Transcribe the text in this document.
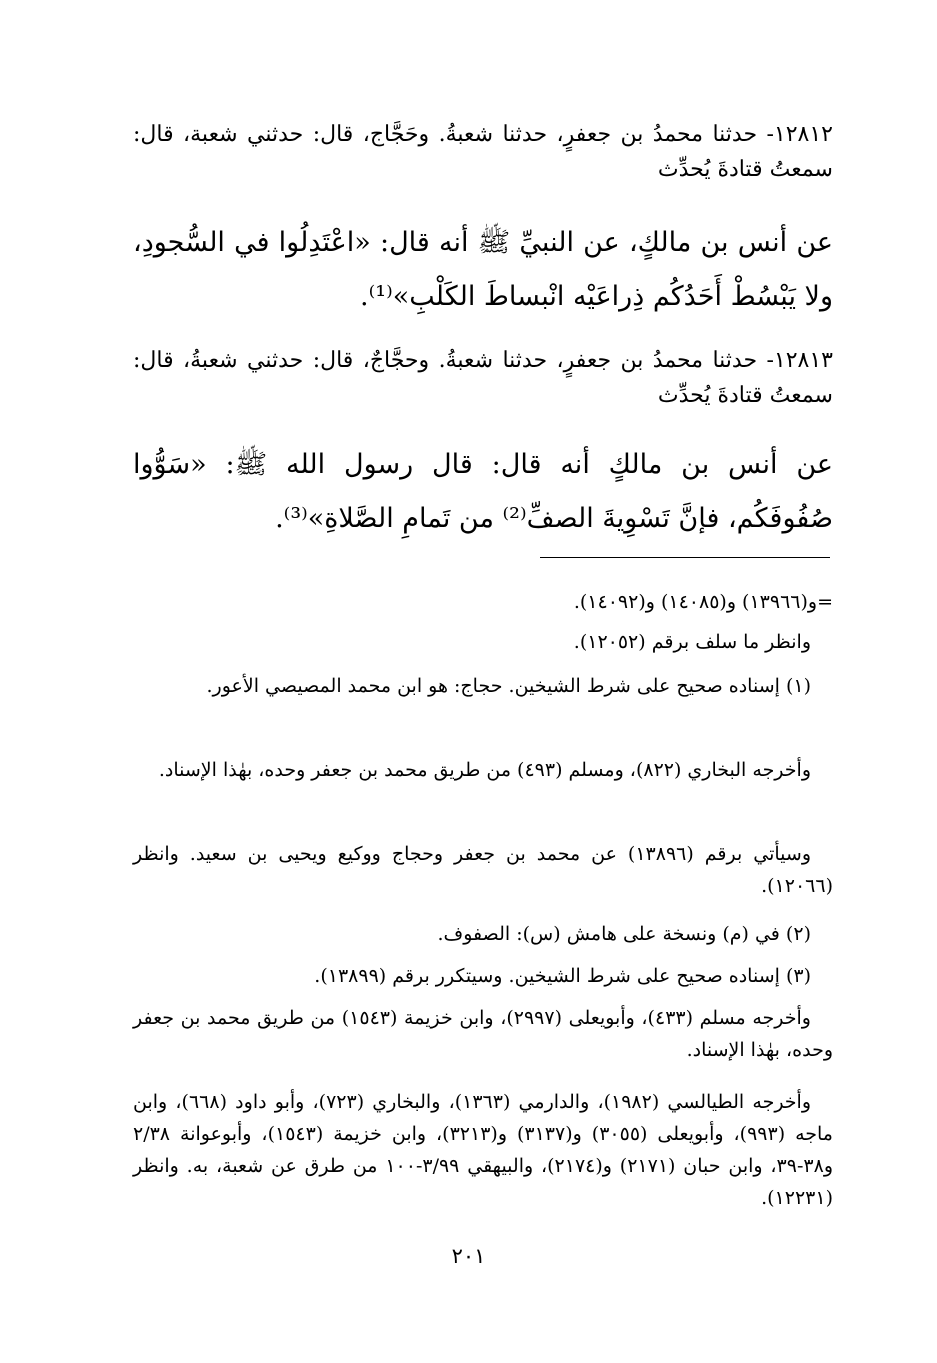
١٢٨١٢- حدثنا محمدُ بن جعفرٍ، حدثنا شعبةُ. وحَجَّاج، قال: حدثني شعبة، قال: سمعتُ قتادةَ يُحدِّث
عن أنس بن مالكٍ، عن النبيِّ ﷺ أنه قال: «اعْتَدِلُوا في السُّجودِ، ولا يَبْسُطْ أَحَدُكُم ذِراعَيْه انْبساطَ الكَلْبِ»⁽¹⁾.
١٢٨١٣- حدثنا محمدُ بن جعفرٍ، حدثنا شعبةُ. وحجَّاجٌ، قال: حدثني شعبةُ، قال: سمعتُ قتادةَ يُحدِّث
عن أنس بن مالكٍ أنه قال: قال رسول الله ﷺ: «سَوُّوا صُفُوفَكُم، فإنَّ تَسْوِيةَ الصفِّ⁽²⁾ من تَمامِ الصَّلاةِ»⁽³⁾.
=و(١٣٩٦٦) و(١٤٠٨٥) و(١٤٠٩٢).
وانظر ما سلف برقم (١٢٠٥٢).
(١) إسناده صحيح على شرط الشيخين. حجاج: هو ابن محمد المصيصي الأعور.
وأخرجه البخاري (٨٢٢)، ومسلم (٤٩٣) من طريق محمد بن جعفر وحده، بهٰذا الإسناد.
وسيأتي برقم (١٣٨٩٦) عن محمد بن جعفر وحجاج ووكيع ويحيى بن سعيد. وانظر (١٢٠٦٦).
(٢) في (م) ونسخة على هامش (س): الصفوف.
(٣) إسناده صحيح على شرط الشيخين. وسيتكرر برقم (١٣٨٩٩).
وأخرجه مسلم (٤٣٣)، وأبويعلى (٢٩٩٧)، وابن خزيمة (١٥٤٣) من طريق محمد بن جعفر وحده، بهٰذا الإسناد.
وأخرجه الطيالسي (١٩٨٢)، والدارمي (١٣٦٣)، والبخاري (٧٢٣)، وأبو داود (٦٦٨)، وابن ماجه (٩٩٣)، وأبويعلى (٣٠٥٥) و(٣١٣٧) و(٣٢١٣)، وابن خزيمة (١٥٤٣)، وأبوعوانة ٢/٣٨ و٣٨-٣٩، وابن حبان (٢١٧١) و(٢١٧٤)، والبيهقي ٣/٩٩-١٠٠ من طرق عن شعبة، به. وانظر (١٢٢٣١).
٢٠١
